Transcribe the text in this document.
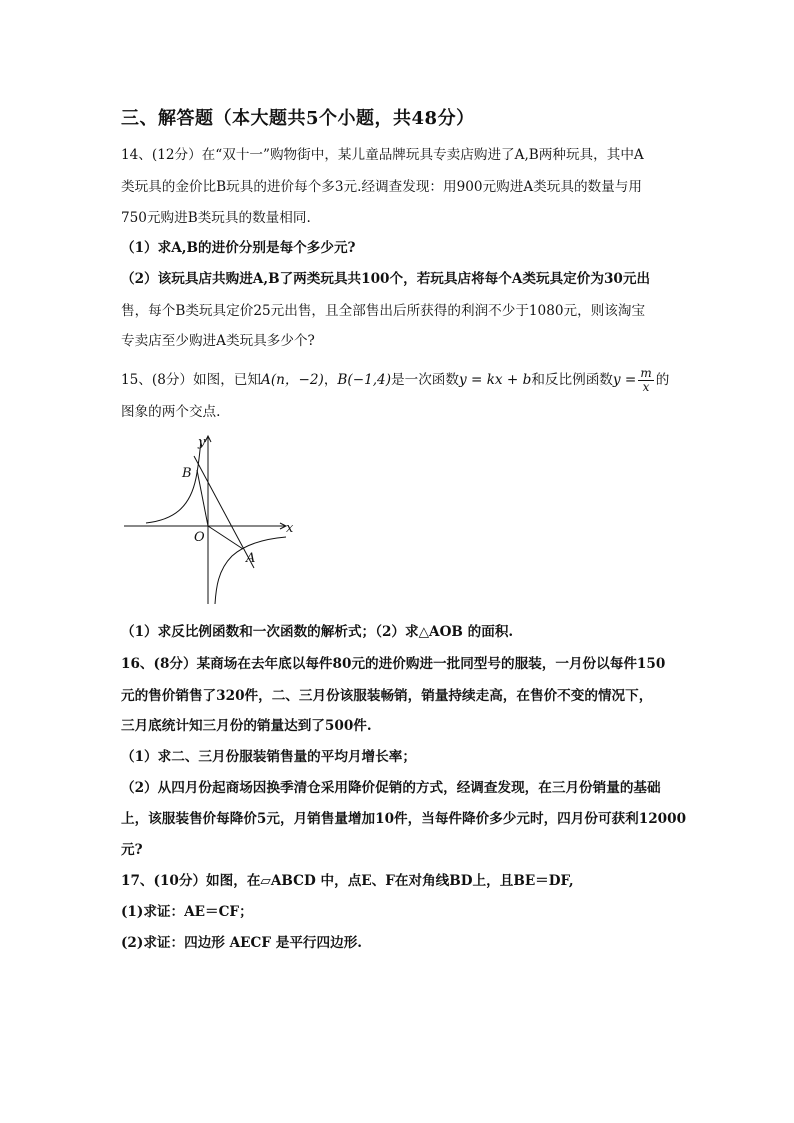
三、解答题（本大题共5个小题，共48分）
14、(12分）在“双十一”购物街中，某儿童品牌玩具专卖店购进了A,B两种玩具，其中A
类玩具的金价比B玩具的进价每个多3元.经调查发现：用900元购进A类玩具的数量与用
750元购进B类玩具的数量相同.
（1）求A,B的进价分别是每个多少元?
（2）该玩具店共购进A,B了两类玩具共100个，若玩具店将每个A类玩具定价为30元出
售，每个B类玩具定价25元出售，且全部售出后所获得的利润不少于1080元，则该淘宝
专卖店至少购进A类玩具多少个?
15、(8分）如图，已知A(n，−2)，B(−1,4)是一次函数y = kx + b和反比例函数$y = \frac{m}{x}$ 的
图象的两个交点.
y
x
B
O
A
（1）求反比例函数和一次函数的解析式；（2）求△AOB 的面积.
16、(8分）某商场在去年底以每件80元的进价购进一批同型号的服装，一月份以每件150
元的售价销售了320件，二、三月份该服装畅销，销量持续走高，在售价不变的情况下，
三月底统计知三月份的销量达到了500件.
（1）求二、三月份服装销售量的平均月增长率；
（2）从四月份起商场因换季清仓采用降价促销的方式，经调查发现，在三月份销量的基础
上，该服装售价每降价5元，月销售量增加10件，当每件降价多少元时，四月份可获利12000
元?
17、(10分）如图，在▱ABCD 中，点E、F在对角线BD上，且BE＝DF,
(1)求证：AE＝CF；
(2)求证：四边形 AECF 是平行四边形.
